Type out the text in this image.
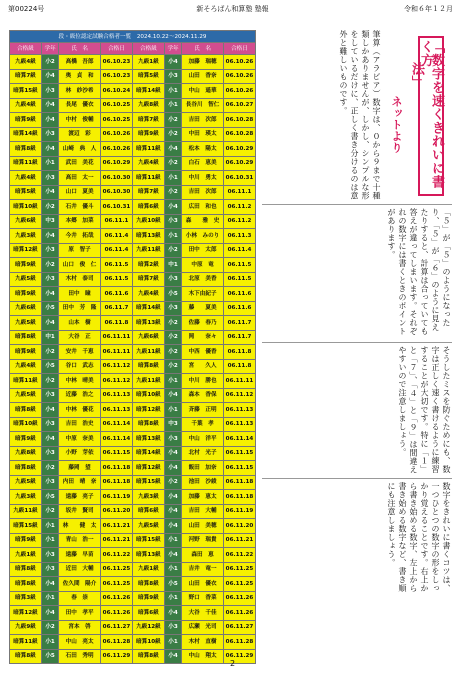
第00224号	新そろばん和算塾 塾報	令和６年１２月
段・級位認定試験合格者一覧　2024.10.22〜2024.11.29							
合格級	学年	氏　名	合格日	合格級	学年	氏　名	合格日
九級4級	小2	高橋　吾郎	06.10.23	九級1級	小4	加藤　瑞穂	06.10.26
暗算7級	小4	奥　貞　和	06.10.23	暗算5級	小3	山田　香奈	06.10.26
暗算15級	小3	林　紗沙希	06.10.24	暗算14級	小1	中山　遥華	06.10.26
九級4級	小4	長尾　優衣	06.10.25	九級8級	小1	長谷川　智仁	06.10.27
暗算9級	小4	中村　俊輔	06.10.25	暗算7級	小2	吉田　次郎	06.10.28
暗算14級	小3	渡辺　彩	06.10.26	暗算9級	小2	中田　瑛太	06.10.28
暗算8級	小4	山崎　典　人	06.10.26	暗算11級	小4	松本　陽太	06.10.29
暗算11級	小1	武田　美花	06.10.29	九級4級	小2	白石　恵美	06.10.29
九級4級	小3	高田　太一	06.10.30	暗算11級	小1	中川　勇太	06.10.31
暗算5級	小4	山口　夏美	06.10.30	暗算7級	小2	吉田　次郎	06.11.1
暗算10級	小2	石井　優斗	06.10.31	暗算6級	小4	広田　和也	06.11.2
九級6級	中3	本郷　加菜	06.11.1	九級10級	小3	森　　雅　史	06.11.2
九級3級	小4	今井　拓哉	06.11.4	暗算13級	小1	小林　みのり	06.11.3
暗算12級	小3	原　智子	06.11.4	九級11級	小2	田中　太郎	06.11.4
暗算9級	小2	山口　俊　仁	06.11.5	暗算2級	中1	中原　竜	06.11.5
九級5級	小3	木村　泰司	06.11.5	暗算7級	小3	北原　美香	06.11.5
暗算9級	小4	田中　瞳	06.11.6	九級4級	小5	木下由紀子	06.11.6
九級6級	小5	田中　芳　隆	06.11.7	暗算14級	小3	藤　　夏美	06.11.6
九級5級	小4	山本　樹	06.11.8	暗算13級	小2	佐藤　春乃	06.11.7
暗算8級	中1	大谷　正	06.11.11	九級6級	小2	岡　　奈々	06.11.7
暗算9級	小2	安井　千恵	06.11.11	九級11級	小2	中西　優香	06.11.8
九級4級	小5	谷口　武志	06.11.12	暗算8級	小2	宮　　久人	06.11.8
暗算11級	小2	中林　晴美	06.11.12	九級11級	小1	中川　勝也	06.11.11
九級5級	小3	近藤　浩之	06.11.13	暗算10級	小4	森本　香保	06.11.12
暗算8級	小4	中林　優花	06.11.13	暗算12級	小1	斉藤　正明	06.11.13
暗算10級	小3	吉田　浩史	06.11.14	暗算8級	中3	千葉　孝	06.11.13
暗算9級	小4	中原　奈美	06.11.14	暗算13級	小3	中山　洋平	06.11.14
九級8級	小3	小野　芽依	06.11.15	暗算14級	小4	北村　光子	06.11.15
暗算8級	小2	藤岡　望	06.11.18	暗算12級	小4	飯田　加奈	06.11.15
九級5級	小3	内田　晴　奈	06.11.18	暗算15級	小2	池田　沙綾	06.11.18
九級3級	小5	遠藤　亮子	06.11.19	九級3級	小4	加藤　恵太	06.11.18
九級11級	小2	坂井　賢司	06.11.20	暗算6級	小4	吉田　大輔	06.11.19
暗算15級	小1	林　　健　太	06.11.21	九級5級	小4	山田　美穂	06.11.20
暗算9級	小1	青山　浩一	06.11.21	暗算15級	小1	河野　瑞貴	06.11.21
九級1級	小3	遠藤　早苗	06.11.22	暗算13級	小4	森田　恵	06.11.22
暗算8級	小3	近田　大輔	06.11.25	九級1級	小1	吉井　竜一	06.11.25
暗算8級	小4	佐久間　陽介	06.11.25	暗算8級	小5	山田　優衣	06.11.25
暗算3級	小1	春　崇	06.11.26	暗算9級	小1	野口　香菜	06.11.26
暗算12級	小4	田中　孝平	06.11.26	暗算6級	小4	大谷　千佳	06.11.26
九級9級	小2	宮本　啓	06.11.27	九級12級	小3	広瀬　光司	06.11.27
暗算11級	小1	中山　亮太	06.11.28	暗算10級	小1	木村　直樹	06.11.28
暗算8級	小5	石田　秀明	06.11.29	暗算8級	小4	中山　翔太	06.11.29
「数字を速くきれいに書く方
法」
ネットより
筆算（アラビア）数字は、０から９まで十種類しかありませんが、しかし、シンプルな形をしているだけに、正しく書き分けるのは意外と難しいものです。
「５」が「５」のようになったり、「５」が「６」のように見えたりすると、計算は合っていても答えが違ってしまいます。それぞれの数字には書くときのポイントがあります。
そうしたミスを防ぐためにも、数字は正しく速く書けるように練習することが大切です。特に「１」と「７」、「４」と「９」は間違えやすいので注意しましょう。
数字をきれいに書くコツは、一つひとつの数字の形をしっかり覚えることです。右上から書き始める数字、左上から書き始める数字など、書き順にも注意しましょう。
2
